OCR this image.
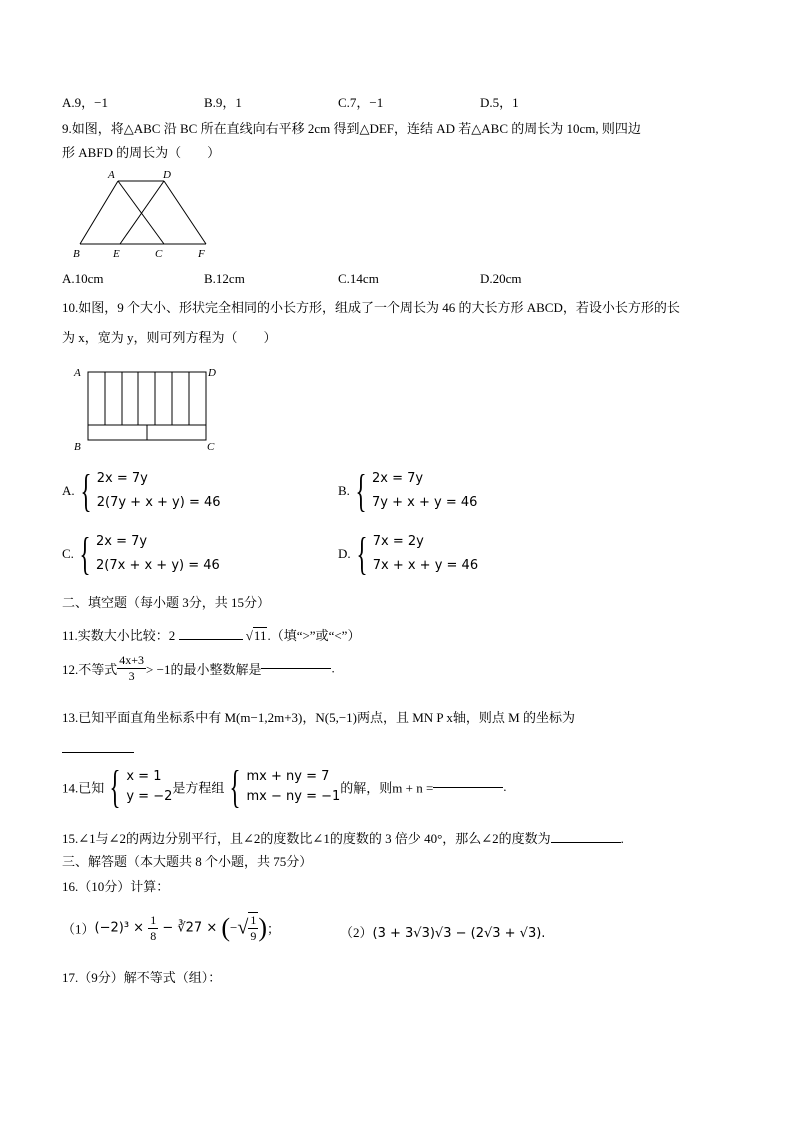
A.9，−1	B.9，1	C.7，−1	D.5，1
9.如图，将△ABC 沿 BC 所在直线向右平移 2cm 得到△DEF，连结 AD 若△ABC 的周长为 10cm, 则四边
形 ABFD 的周长为（　　）
A	D
B	E	C	F
A.10cm	B.12cm	C.14cm	D.20cm
10.如图，9 个大小、形状完全相同的小长方形，组成了一个周长为 46 的大长方形 ABCD，若设小长方形的长
为 x，宽为 y，则可列方程为（　　）
A	D
B	C
A. { 2x = 7y
2(7y + x + y) = 46
B. { 2x = 7y
7y + x + y = 46
C. { 2x = 7y
2(7x + x + y) = 46
D. { 7x = 2y
7x + x + y = 46
二、填空题（每小题 3分，共 15分）
11.实数大小比较：2	√11.（填“>”或“<”）
12.不等式 $\frac{4x+3}{3} > -1$的最小整数解是	.
13.已知平面直角坐标系中有 M(m−1,2m+3)，N(5,−1)两点，且 MN P x轴，则点 M 的坐标为
14.已知 { x = 1
y = −2
是方程组 { mx + ny = 7
mx − ny = −1
的解，则m + n =	.
15.∠1与∠2的两边分别平行，且∠2的度数比∠1的度数的 3 倍少 40°，那么∠2的度数为	.
三、解答题（本大题共 8 个小题，共 75分）
16.（10分）计算：
$(1)(-2)^3 \times \frac{1}{8}$ − ∛27 × (−√ $\frac{1}{9}$ )；	（2）(3 + 3√3)√3 − (2√3 + √3).
17.（9分）解不等式（组）：
